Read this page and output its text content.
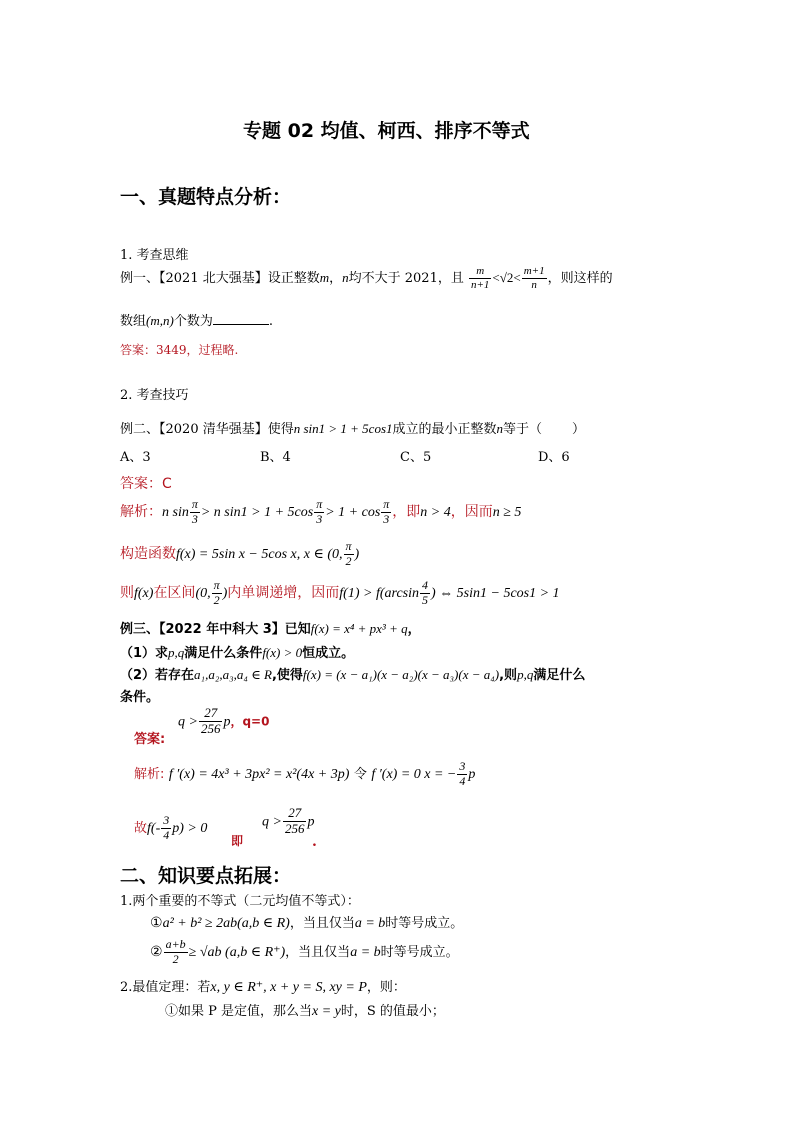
专题 02 均值、柯西、排序不等式
一、真题特点分析：
1. 考查思维
例一、【2021 北大强基】设正整数m，n均不大于 2021，且 $\frac{m}{n+1} <√2< \frac{m+1}{n}$ ，则这样的
数组(m,n)个数为	.
答案：3449，过程略.
2. 考查技巧
例二、【2020 清华强基】使得n sin1 > 1 + 5cos1成立的最小正整数n等于（ ）
A、3	B、4	C、5	D、6
答案：C
解析：n $\sin \frac{\pi}{3} > n$ $\sin 1 > 1 + 5\cos \frac{\pi}{3} > 1 + \cos \frac{\pi}{3}$ ，即n > 4，因而n ≥ 5
构造函数f(x) = 5sin x − 5cos x, x ∈ (0, $\frac{\pi}{2}$ )
则f(x)在区间(0, $\frac{\pi}{2}$ )内单调递增，因而$f(1) > f(\arcsin \frac{4}{5}$ ) ⇔ 5sin1 − 5cos1 > 1
例三、【2022 年中科大 3】已知f(x) = x⁴ + px³ + q，
（1）求p,q满足什么条件f(x) > 0恒成立。
（2）若存在a₁,a₂,a₃,a₄ ∈ R,使得f(x) = (x − a₁)(x − a₂)(x − a₃)(x − a₄),则p,q满足什么
条件。
答案:
$q > \frac{27}{256}$ p，q=0
解析: f ′(x) = 4x³ + 3px² = x²(4x + 3p) 令 f ′(x) = 0 x = − $\frac{3}{4}$ p
故$f(- \frac{3}{4} p) > 0$
即
$q > \frac{27}{256}$ p
.
二、知识要点拓展：
1.两个重要的不等式（二元均值不等式）：
①a² + b² ≥ 2ab(a,b ∈ R)，当且仅当a = b时等号成立。
② $\frac{a+b}{2} \ge √ab$ (a,b ∈ R⁺)，当且仅当a = b时等号成立。
2.最值定理：若x, y ∈ R⁺, x + y = S, xy = P，则：
①如果 P 是定值，那么当x = y时，S 的值最小；
